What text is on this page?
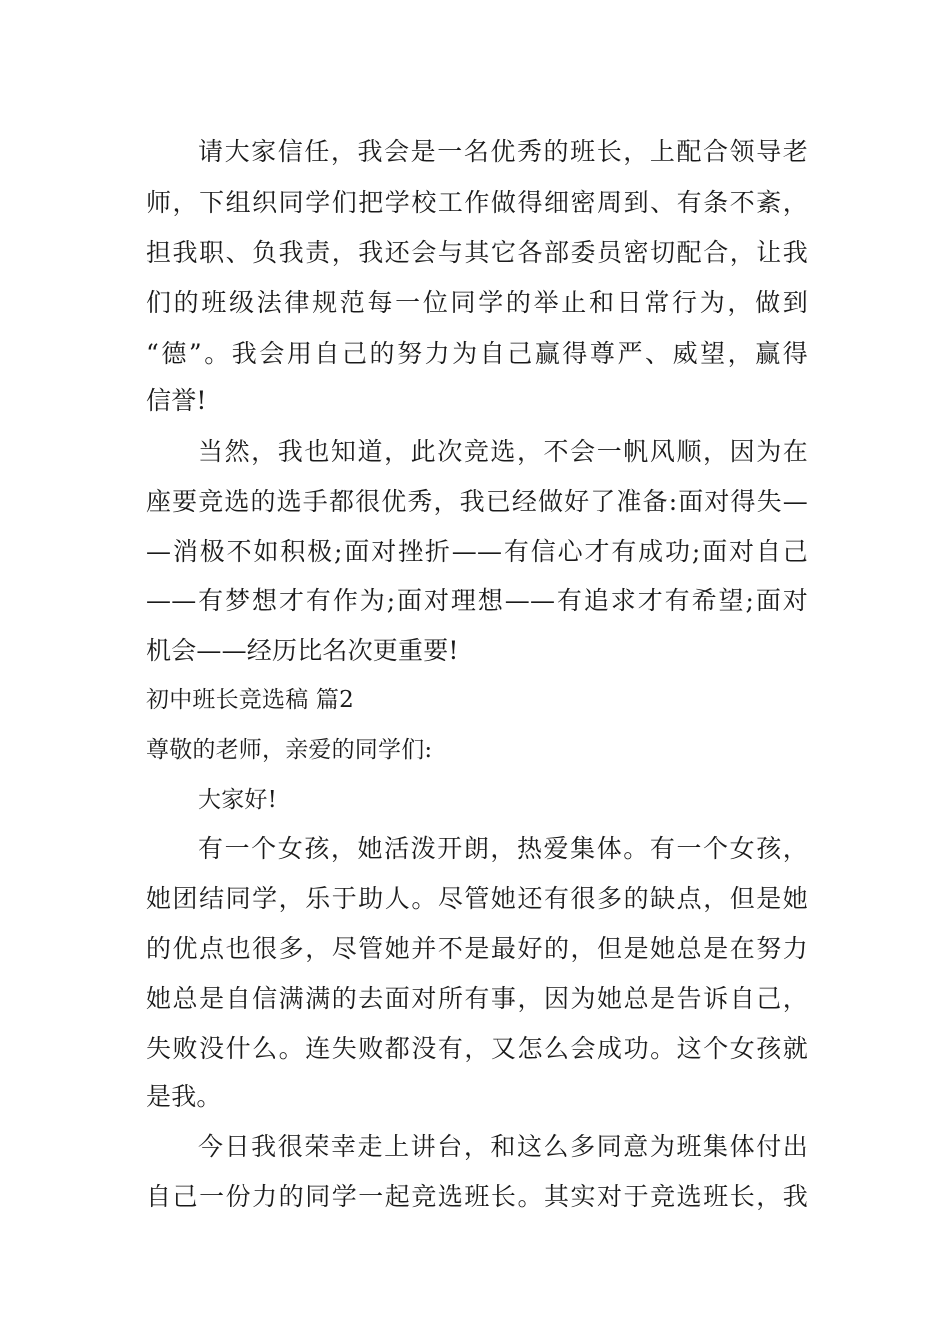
请大家信任，我会是一名优秀的班长，上配合领导老
师，下组织同学们把学校工作做得细密周到、有条不紊，
担我职、负我责，我还会与其它各部委员密切配合，让我
们的班级法律规范每一位同学的举止和日常行为，做到
“德”。我会用自己的努力为自己赢得尊严、威望，赢得
信誉!
当然，我也知道，此次竞选，不会一帆风顺，因为在
座要竞选的选手都很优秀，我已经做好了准备:面对得失—
—消极不如积极;面对挫折——有信心才有成功;面对自己
——有梦想才有作为;面对理想——有追求才有希望;面对
机会——经历比名次更重要!
初中班长竞选稿 篇2
尊敬的老师，亲爱的同学们:
大家好!
有一个女孩，她活泼开朗，热爱集体。有一个女孩，
她团结同学，乐于助人。尽管她还有很多的缺点，但是她
的优点也很多，尽管她并不是最好的，但是她总是在努力
她总是自信满满的去面对所有事，因为她总是告诉自己，
失败没什么。连失败都没有，又怎么会成功。这个女孩就
是我。
今日我很荣幸走上讲台，和这么多同意为班集体付出
自己一份力的同学一起竞选班长。其实对于竞选班长，我
